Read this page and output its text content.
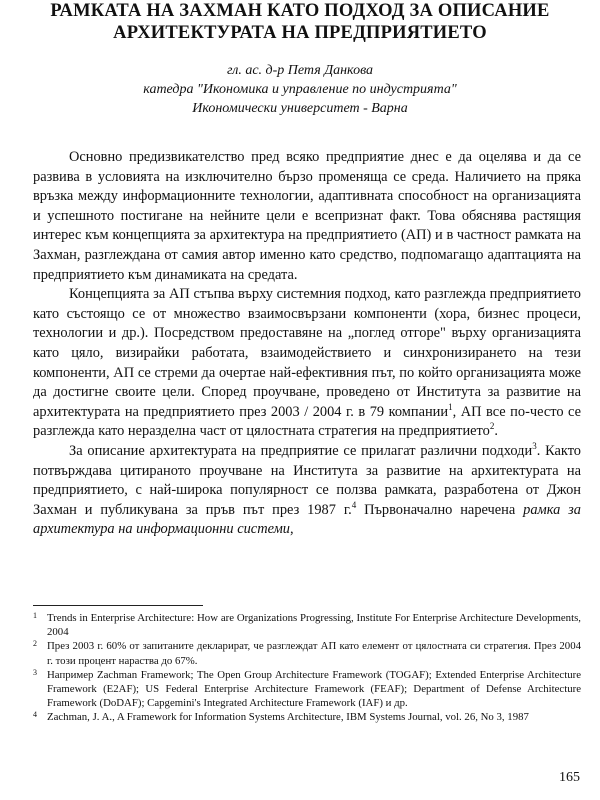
РАМКАТА НА ЗАХМАН КАТО ПОДХОД ЗА ОПИСАНИЕ
АРХИТЕКТУРАТА НА ПРЕДПРИЯТИЕТО
гл. ас. д-р Петя Данкова
катедра "Икономика и управление по индустрията"
Икономически университет - Варна

Основно предизвикателство пред всяко предприятие днес е да оцелява и да се развива в условията на изключително бързо променяща се среда. Наличието на пряка връзка между информационните технологии, адаптивната способност на организацията и успешното постигане на нейните цели е всепризнат факт. Това обяснява растящия интерес към концепцията за архитектура на предприятието (АП) и в частност рамката на Захман, разглеждана от самия автор именно като средство, подпомагащо адаптацията на предприятието към динамиката на средата.

Концепцията за АП стъпва върху системния подход, като разглежда предприятието като състоящо се от множество взаимосвързани компоненти (хора, бизнес процеси, технологии и др.). Посредством предоставяне на „поглед отгоре" върху организацията като цяло, визирайки работата, взаимодействието и синхронизирането на тези компоненти, АП се стреми да очертае най-ефективния път, по който организацията може да достигне своите цели. Според проучване, проведено от Института за развитие на архитектурата на предприятието през 2003 / 2004 г. в 79 компании$^1$, АП все по-често се разглежда като неразделна част от цялостната стратегия на предприятието$^2$.

За описание архитектурата на предприятие се прилагат различни подходи$^3$. Както потвърждава цитираното проучване на Института за развитие на архитектурата на предприятието, с най-широка популярност се ползва рамката, разработена от Джон Захман и публикувана за пръв път през 1987 г.$^4$ Първоначално наречена рамка за архитектура на информационни системи,

1 Trends in Enterprise Architecture: How are Organizations Progressing, Institute For Enterprise Architecture Developments, 2004
2 През 2003 г. 60% от запитаните декларират, че разглеждат АП като елемент от цялостната си стратегия. През 2004 г. този процент нараства до 67%.
3 Например Zachman Framework; The Open Group Architecture Framework (TOGAF); Extended Enterprise Architecture Framework (E2AF); US Federal Enterprise Architecture Framework (FEAF); Department of Defense Architecture Framework (DoDAF); Capgemini's Integrated Architecture Framework (IAF) и др.
4 Zachman, J. A., A Framework for Information Systems Architecture, IBM Systems Journal, vol. 26, No 3, 1987
165
